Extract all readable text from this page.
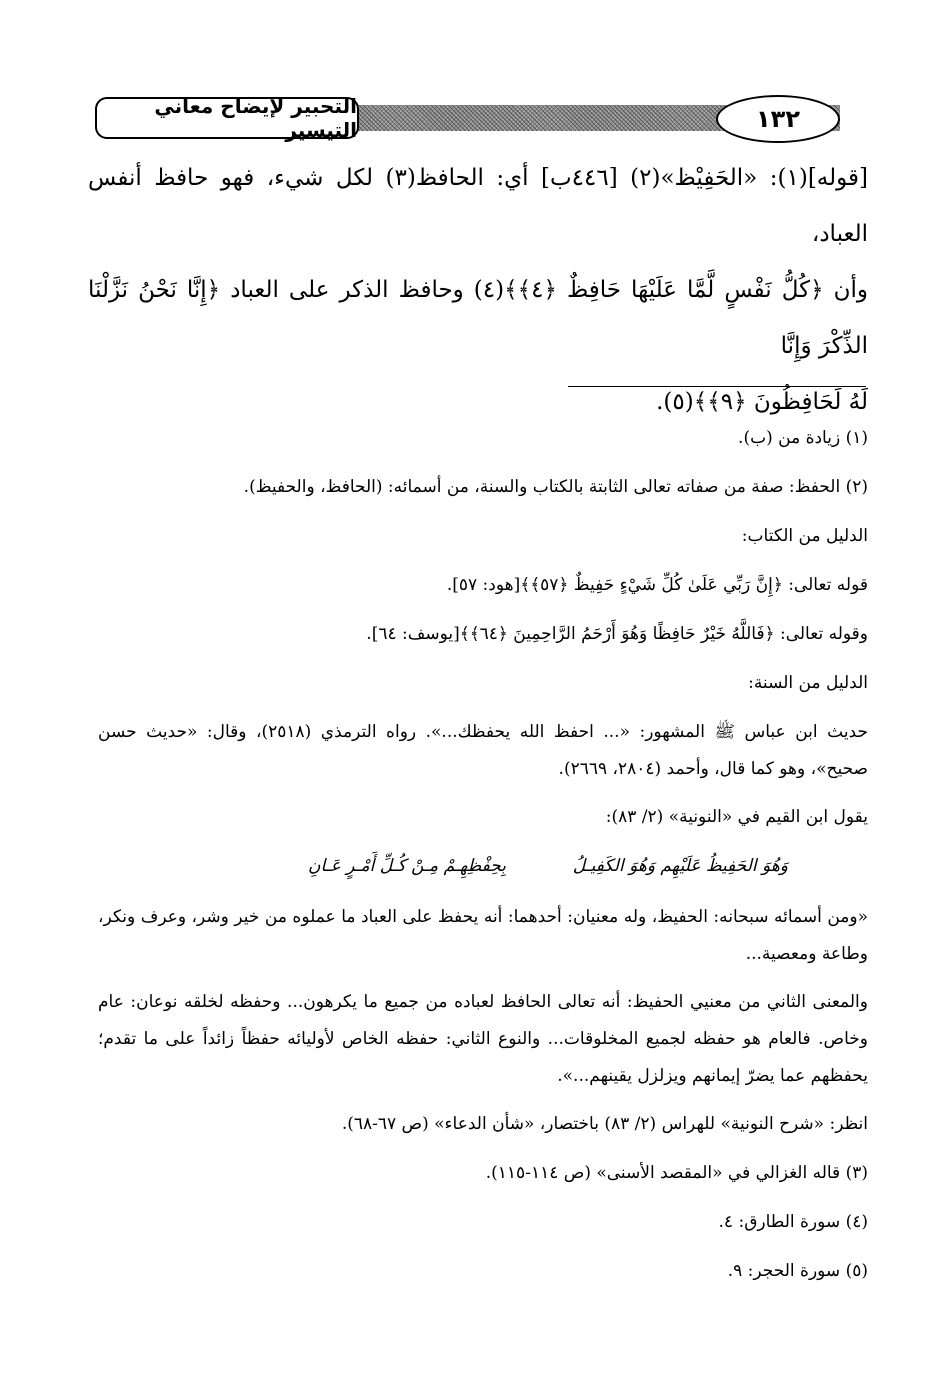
التحبير لإيضاح معاني التيسير	١٣٢

[قوله](١): «الحَفِيْظ»(٢) [٤٤٦ب] أي: الحافظ(٣) لكل شيء، فهو حافظ أنفس العباد،

وأن ﴿كُلُّ نَفْسٍ لَّمَّا عَلَيْهَا حَافِظٌ ﴿٤﴾﴾(٤) وحافظ الذكر على العباد ﴿إِنَّا نَحْنُ نَزَّلْنَا الذِّكْرَ وَإِنَّا

لَهُ لَحَافِظُونَ ﴿٩﴾﴾(٥).

(١) زيادة من (ب).

(٢) الحفظ: صفة من صفاته تعالى الثابتة بالكتاب والسنة، من أسمائه: (الحافظ، والحفيظ).

الدليل من الكتاب:

قوله تعالى: ﴿إِنَّ رَبِّي عَلَىٰ كُلِّ شَيْءٍ حَفِيظٌ ﴿٥٧﴾﴾[هود: ٥٧].

وقوله تعالى: ﴿فَاللَّهُ خَيْرٌ حَافِظًا وَهُوَ أَرْحَمُ الرَّاحِمِينَ ﴿٦٤﴾﴾[يوسف: ٦٤].

الدليل من السنة:

حديث ابن عباس ﷺ المشهور: «... احفظ الله يحفظك...». رواه الترمذي (٢٥١٨)، وقال: «حديث حسن صحيح»، وهو كما قال، وأحمد (٢٨٠٤، ٢٦٦٩).

يقول ابن القيم في «النونية» (٢/ ٨٣):

وَهُوَ الحَفِيظُ عَلَيْهِم وَهُوَ الكَفِيـلُ
بِحِفْظِهِـمْ مِـنْ كُـلِّ أَمْـرٍ عَـانِ

«ومن أسمائه سبحانه: الحفيظ، وله معنيان: أحدهما: أنه يحفظ على العباد ما عملوه من خير وشر، وعرف ونكر، وطاعة ومعصية...

والمعنى الثاني من معنيي الحفيظ: أنه تعالى الحافظ لعباده من جميع ما يكرهون... وحفظه لخلقه نوعان: عام وخاص. فالعام هو حفظه لجميع المخلوقات... والنوع الثاني: حفظه الخاص لأوليائه حفظاً زائداً على ما تقدم؛ يحفظهم عما يضرّ إيمانهم ويزلزل يقينهم...».

انظر: «شرح النونية» للهراس (٢/ ٨٣) باختصار، «شأن الدعاء» (ص ٦٧-٦٨).

(٣) قاله الغزالي في «المقصد الأسنى» (ص ١١٤-١١٥).

(٤) سورة الطارق: ٤.

(٥) سورة الحجر: ٩.
